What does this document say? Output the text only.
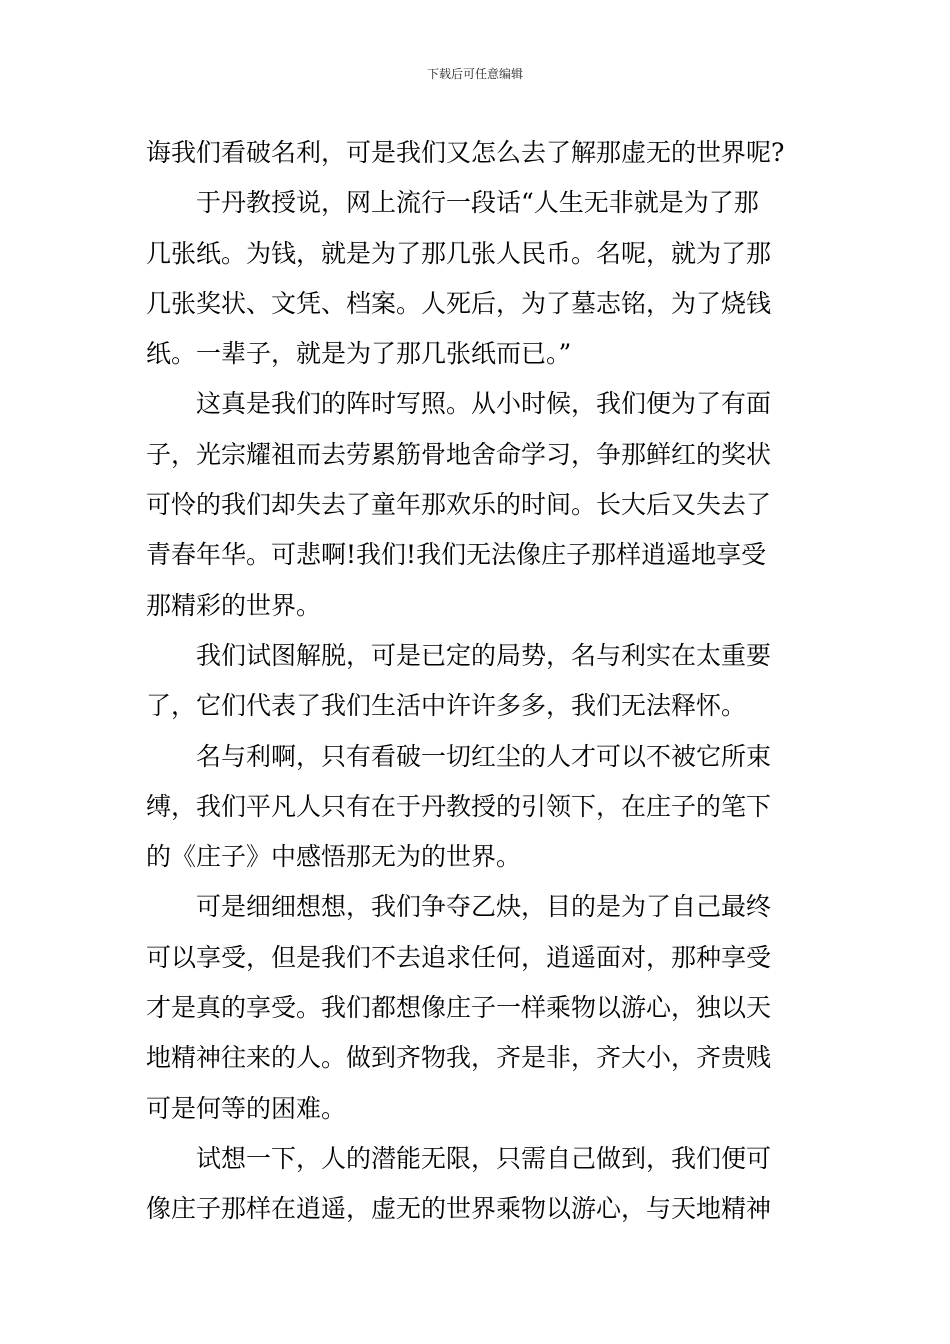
下载后可任意编辑
诲我们看破名利，可是我们又怎么去了解那虚无的世界呢?
于丹教授说，网上流行一段话“人生无非就是为了那
几张纸。为钱，就是为了那几张人民币。名呢，就为了那
几张奖状、文凭、档案。人死后，为了墓志铭，为了烧钱
纸。一辈子，就是为了那几张纸而已。”
这真是我们的阵时写照。从小时候，我们便为了有面
子，光宗耀祖而去劳累筋骨地舍命学习，争那鲜红的奖状
可怜的我们却失去了童年那欢乐的时间。长大后又失去了
青春年华。可悲啊!我们!我们无法像庄子那样逍遥地享受
那精彩的世界。
我们试图解脱，可是已定的局势，名与利实在太重要
了，它们代表了我们生活中许许多多，我们无法释怀。
名与利啊，只有看破一切红尘的人才可以不被它所束
缚，我们平凡人只有在于丹教授的引领下，在庄子的笔下
的《庄子》中感悟那无为的世界。
可是细细想想，我们争夺乙炔，目的是为了自己最终
可以享受，但是我们不去追求任何，逍遥面对，那种享受
才是真的享受。我们都想像庄子一样乘物以游心，独以天
地精神往来的人。做到齐物我，齐是非，齐大小，齐贵贱
可是何等的困难。
试想一下，人的潜能无限，只需自己做到，我们便可
像庄子那样在逍遥，虚无的世界乘物以游心，与天地精神
